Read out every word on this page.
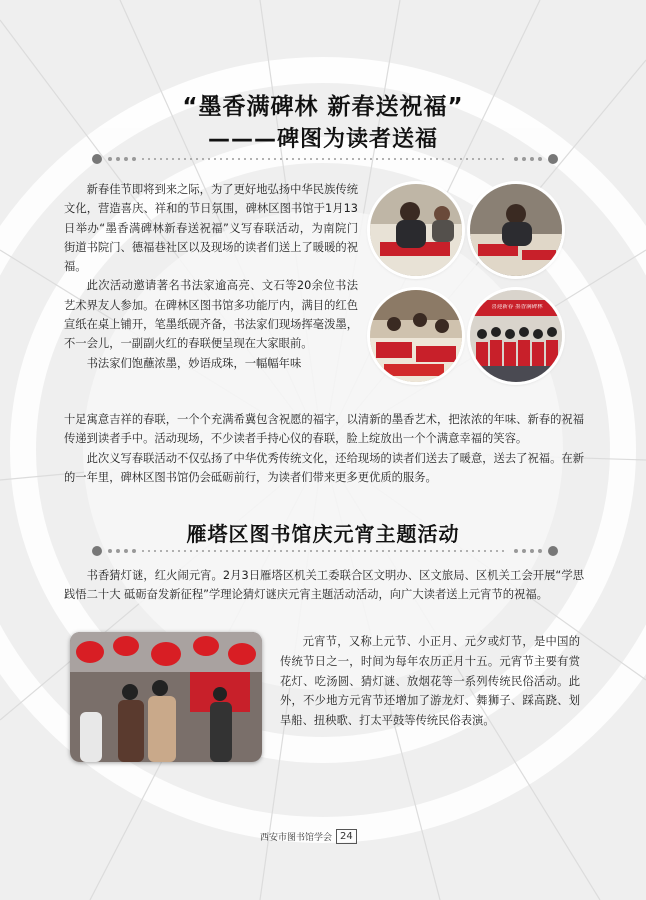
“墨香满碑林 新春送祝福”
———碑图为读者送福

新春佳节即将到来之际，为了更好地弘扬中华民族传统文化，营造喜庆、祥和的节日氛围，碑林区图书馆于1月13日举办“墨香满碑林新春送祝福”义写春联活动，为南院门街道书院门、德福巷社区以及现场的读者们送上了暖暖的祝福。

此次活动邀请著名书法家逾高亮、文石等20余位书法艺术界友人参加。在碑林区图书馆多功能厅内，满目的红色宣纸在桌上铺开，笔墨纸砚齐备，书法家们现场挥毫泼墨，不一会儿，一副副火红的春联便呈现在大家眼前。

书法家们饱蘸浓墨，妙语成珠，一幅幅年味

喜迎新春 墨香满碑林

十足寓意吉祥的春联，一个个充满希冀包含祝愿的福字，以清新的墨香艺术，把浓浓的年味、新春的祝福传递到读者手中。活动现场，不少读者手持心仪的春联，脸上绽放出一个个满意幸福的笑容。

此次义写春联活动不仅弘扬了中华优秀传统文化，还给现场的读者们送去了暖意，送去了祝福。在新的一年里，碑林区图书馆仍会砥砺前行，为读者们带来更多更优质的服务。

雁塔区图书馆庆元宵主题活动

书香猜灯谜，红火闹元宵。2月3日雁塔区机关工委联合区文明办、区文旅局、区机关工会开展“学思践悟二十大 砥砺奋发新征程”学理论猜灯谜庆元宵主题活动活动，向广大读者送上元宵节的祝福。

元宵节，又称上元节、小正月、元夕或灯节，是中国的传统节日之一，时间为每年农历正月十五。元宵节主要有赏花灯、吃汤圆、猜灯谜、放烟花等一系列传统民俗活动。此外，不少地方元宵节还增加了游龙灯、舞狮子、踩高跷、划旱船、扭秧歌、打太平鼓等传统民俗表演。

西安市图书馆学会 24
